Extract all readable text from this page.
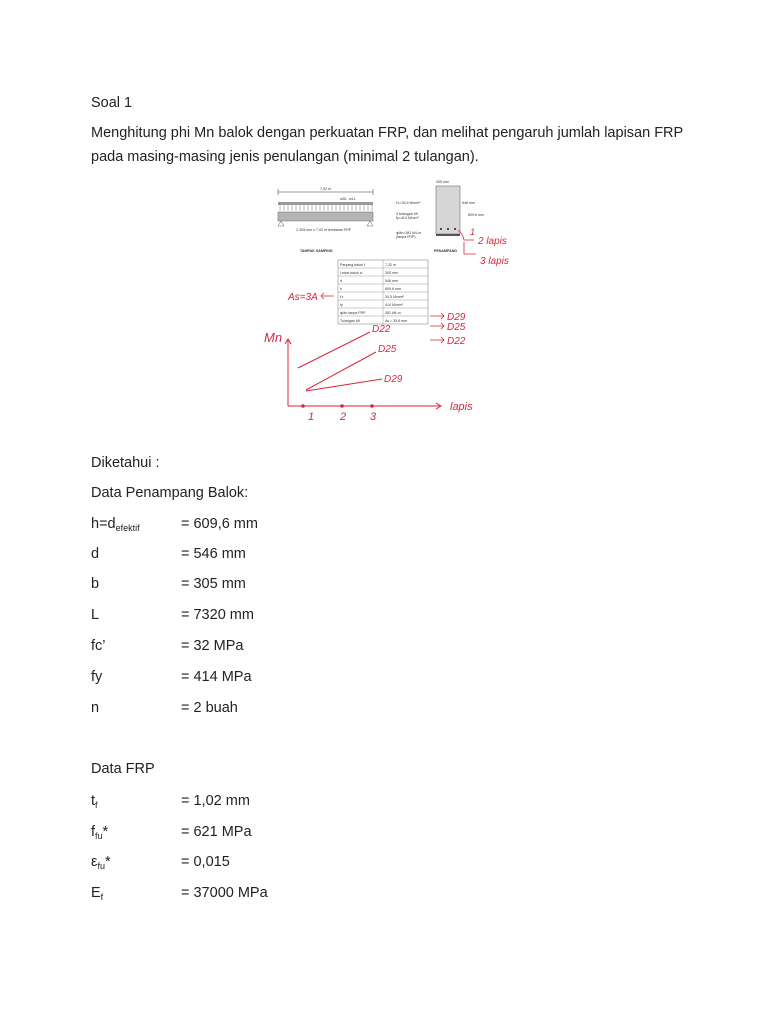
Soal 1
Menghitung phi Mn balok dengan perkuatan FRP, dan melihat pengaruh jumlah lapisan FRP pada masing-masing jenis penulangan (minimal 2 tulangan).
7,32 m
wDL, wLL
2-305 mm x 7,02 m lembaran FRP
TAMPAK SAMPING
305 mm
546 mm
609,6 mm
PENAMPANG
f'c=34,5 N/mm²
3 tulangan #9
fy=414 N/mm²
φMn=381 kN-m
(tanpa FRP)	1
2 lapis
3 lapis
Panjang balok ℓ	7,32 m
Lebar balok w	305 mm
d	546 mm
h	609,6 mm
f'c	34,5 N/mm²
fy	414 N/mm²
φMn tanpa FRP	381 kN-m
Tulangan #9	As = 35,6 mm
As=3A
D29
D25
D22
Mn
lapis
1 2 3
D22
D25
D29
Diketahui :
Data Penampang Balok:
$h=d_{efektif}$	= 609,6 mm
d	= 546 mm
b	= 305 mm
L	= 7320 mm
fc’	= 32 MPa
fy	= 414 MPa
n	= 2 buah
Data FRP
$t_f$	= 1,02 mm
$f_{fu}*$	= 621 MPa
$\varepsilon_{fu}*$	= 0,015
$E_f$	= 37000 MPa
